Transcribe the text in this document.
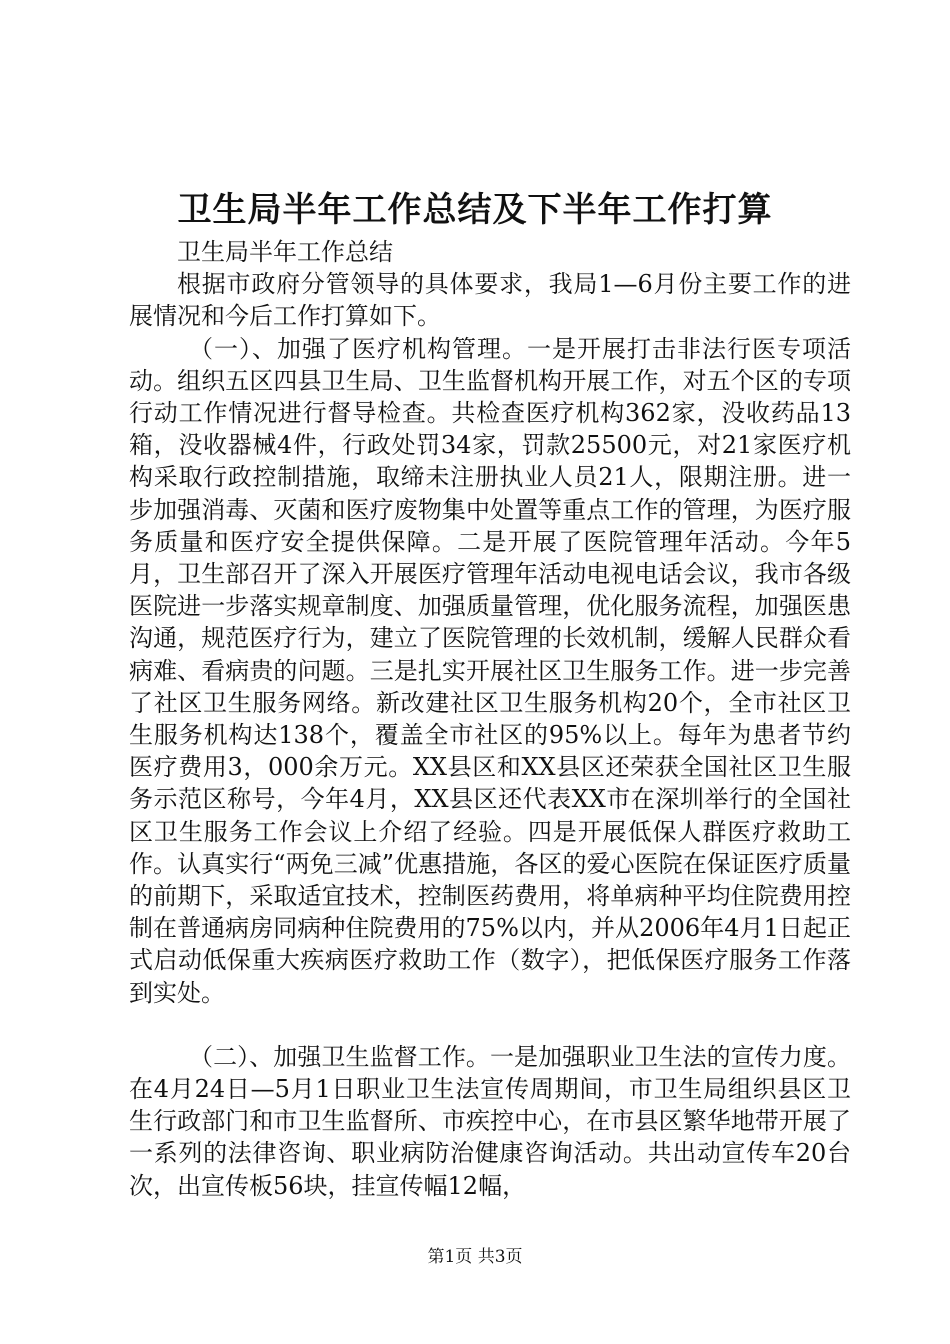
卫生局半年工作总结及下半年工作打算

卫生局半年工作总结

根据市政府分管领导的具体要求，我局1—6月份主要工作的进展情况和今后工作打算如下。

（一）、加强了医疗机构管理。一是开展打击非法行医专项活动。组织五区四县卫生局、卫生监督机构开展工作，对五个区的专项行动工作情况进行督导检查。共检查医疗机构362家，没收药品13箱，没收器械4件，行政处罚34家，罚款25500元，对21家医疗机构采取行政控制措施，取缔未注册执业人员21人，限期注册。进一步加强消毒、灭菌和医疗废物集中处置等重点工作的管理，为医疗服务质量和医疗安全提供保障。二是开展了医院管理年活动。今年5月，卫生部召开了深入开展医疗管理年活动电视电话会议，我市各级医院进一步落实规章制度、加强质量管理，优化服务流程，加强医患沟通，规范医疗行为，建立了医院管理的长效机制，缓解人民群众看病难、看病贵的问题。三是扎实开展社区卫生服务工作。进一步完善了社区卫生服务网络。新改建社区卫生服务机构20个，全市社区卫生服务机构达138个，覆盖全市社区的95%以上。每年为患者节约医疗费用3，000余万元。XX县区和XX县区还荣获全国社区卫生服务示范区称号，今年4月，XX县区还代表XX市在深圳举行的全国社区卫生服务工作会议上介绍了经验。四是开展低保人群医疗救助工作。认真实行“两免三减”优惠措施，各区的爱心医院在保证医疗质量的前期下，采取适宜技术，控制医药费用，将单病种平均住院费用控制在普通病房同病种住院费用的75%以内，并从2006年4月1日起正式启动低保重大疾病医疗救助工作（数字），把低保医疗服务工作落到实处。

（二）、加强卫生监督工作。一是加强职业卫生法的宣传力度。在4月24日—5月1日职业卫生法宣传周期间，市卫生局组织县区卫生行政部门和市卫生监督所、市疾控中心，在市县区繁华地带开展了一系列的法律咨询、职业病防治健康咨询活动。共出动宣传车20台次，出宣传板56块，挂宣传幅12幅，

第1页 共3页
